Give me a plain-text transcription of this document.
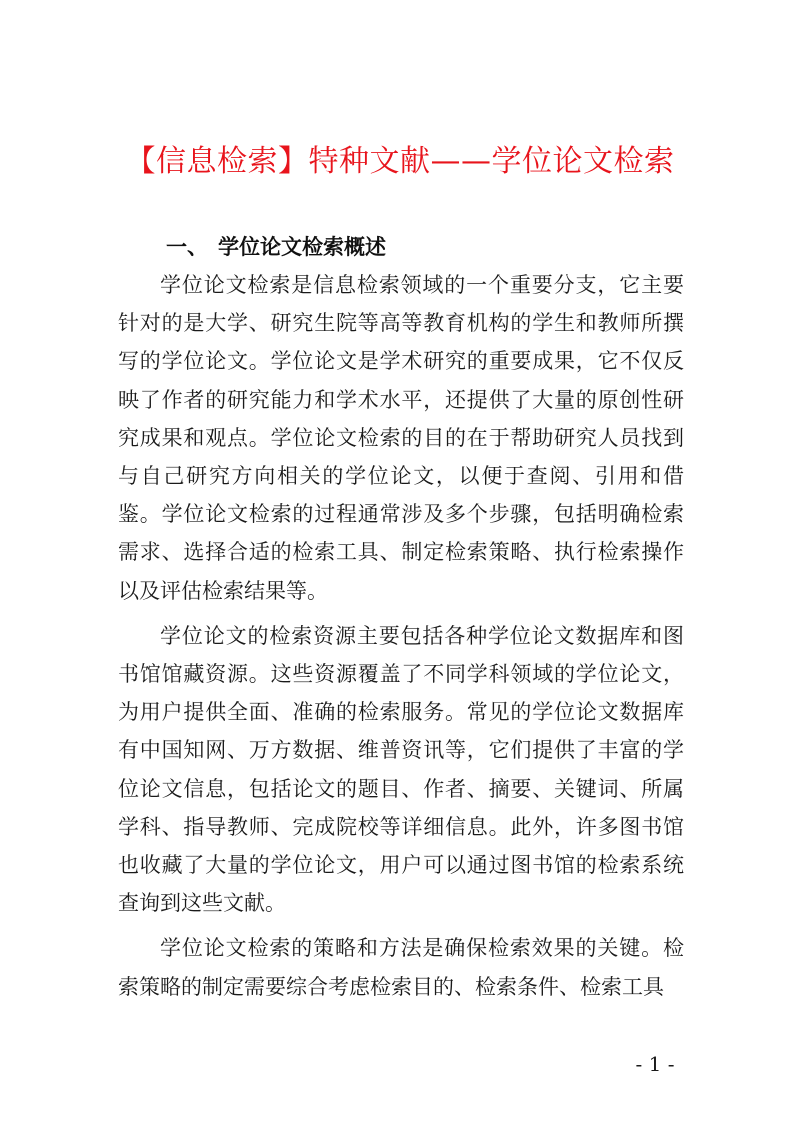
【信息检索】特种文献——学位论文检索
一、 学位论文检索概述

学位论文检索是信息检索领域的一个重要分支，它主要针对的是大学、研究生院等高等教育机构的学生和教师所撰写的学位论文。学位论文是学术研究的重要成果，它不仅反映了作者的研究能力和学术水平，还提供了大量的原创性研究成果和观点。学位论文检索的目的在于帮助研究人员找到与自己研究方向相关的学位论文，以便于查阅、引用和借鉴。学位论文检索的过程通常涉及多个步骤，包括明确检索需求、选择合适的检索工具、制定检索策略、执行检索操作以及评估检索结果等。

学位论文的检索资源主要包括各种学位论文数据库和图书馆馆藏资源。这些资源覆盖了不同学科领域的学位论文，为用户提供全面、准确的检索服务。常见的学位论文数据库有中国知网、万方数据、维普资讯等，它们提供了丰富的学位论文信息，包括论文的题目、作者、摘要、关键词、所属学科、指导教师、完成院校等详细信息。此外，许多图书馆也收藏了大量的学位论文，用户可以通过图书馆的检索系统查询到这些文献。

学位论文检索的策略和方法是确保检索效果的关键。检索策略的制定需要综合考虑检索目的、检索条件、检索工具

- 1 -
